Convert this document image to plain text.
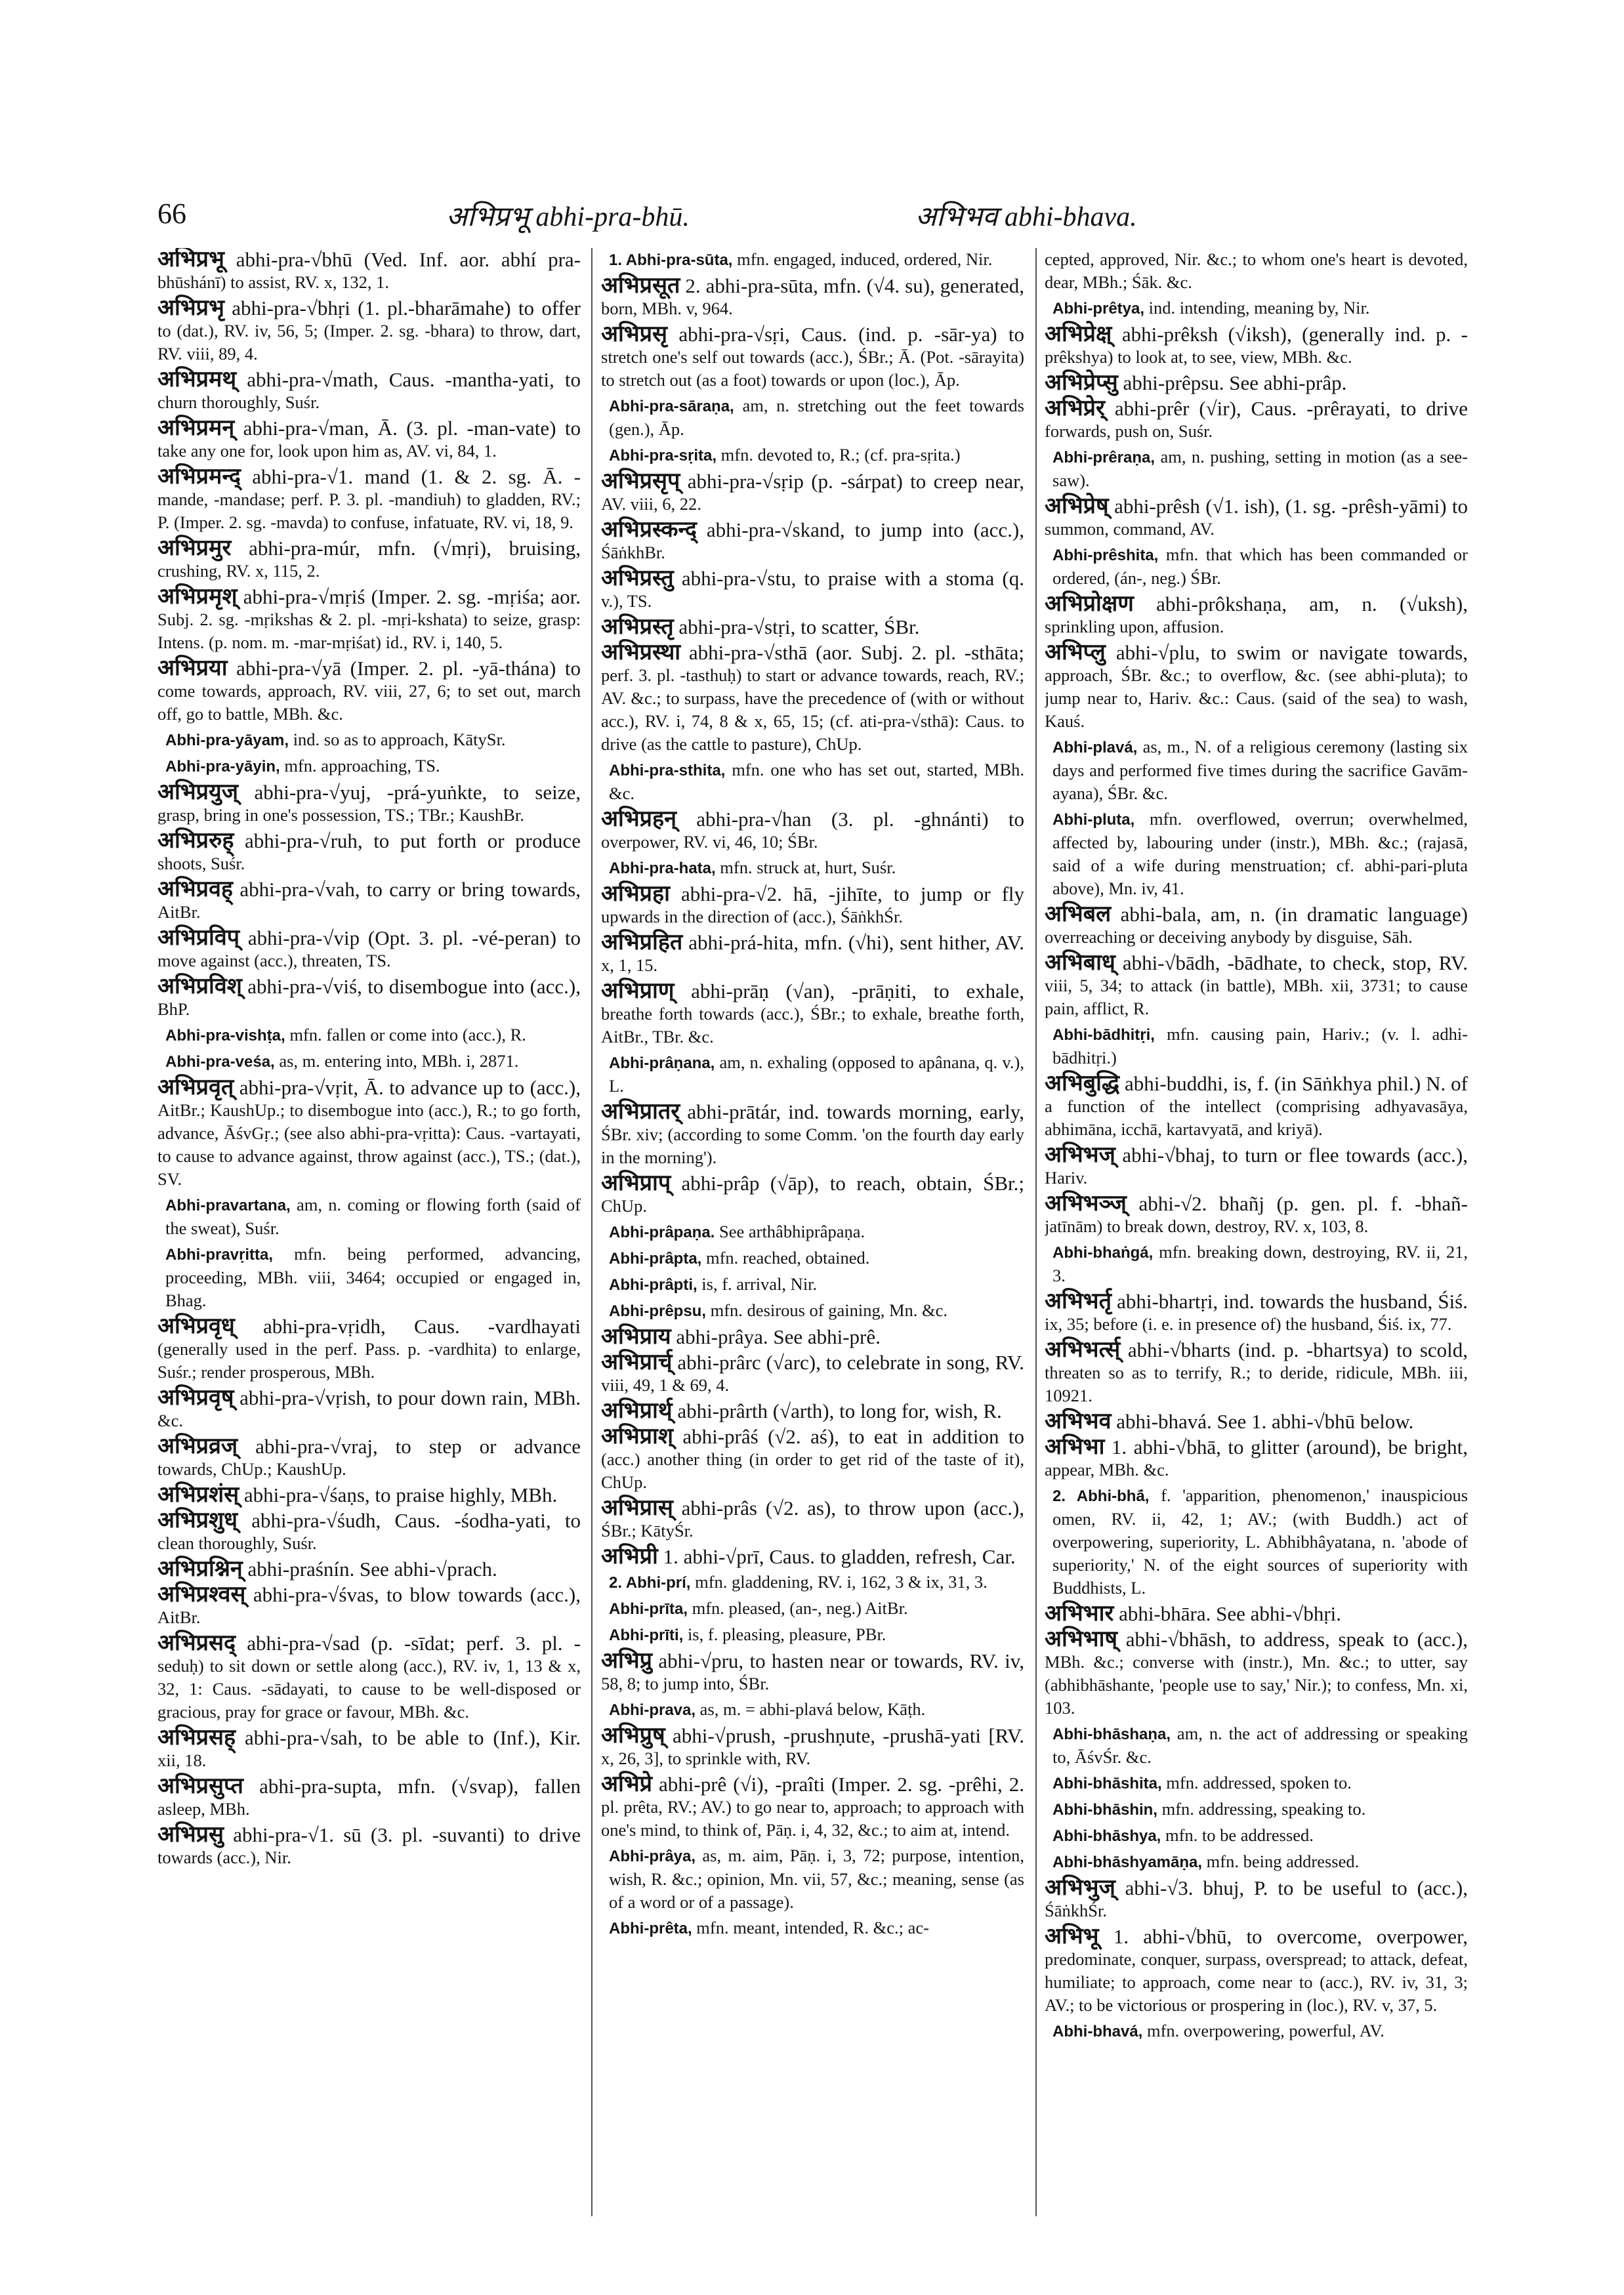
66	अभिप्रभू abhi-pra-bhū.	अभिभव abhi-bhava.

अभिप्रभू abhi-pra-√bhū (Ved. Inf. aor. abhí pra-bhūshánī) to assist, RV. x, 132, 1.

अभिप्रभृ abhi-pra-√bhṛi (1. pl.-bharāmahe) to offer to (dat.), RV. iv, 56, 5; (Imper. 2. sg. -bhara) to throw, dart, RV. viii, 89, 4.

अभिप्रमथ् abhi-pra-√math, Caus. -mantha-yati, to churn thoroughly, Suśr.

अभिप्रमन् abhi-pra-√man, Ā. (3. pl. -man-vate) to take any one for, look upon him as, AV. vi, 84, 1.

अभिप्रमन्द् abhi-pra-√1. mand (1. & 2. sg. Ā. -mande, -mandase; perf. P. 3. pl. -mandiuh) to gladden, RV.; P. (Imper. 2. sg. -mavda) to confuse, infatuate, RV. vi, 18, 9.

अभिप्रमुर abhi-pra-múr, mfn. (√mṛi), bruising, crushing, RV. x, 115, 2.

अभिप्रमृश् abhi-pra-√mṛiś (Imper. 2. sg. -mṛiśa; aor. Subj. 2. sg. -mṛikshas & 2. pl. -mṛi-kshata) to seize, grasp: Intens. (p. nom. m. -mar-mṛiśat) id., RV. i, 140, 5.

अभिप्रया abhi-pra-√yā (Imper. 2. pl. -yā-thána) to come towards, approach, RV. viii, 27, 6; to set out, march off, go to battle, MBh. &c.

Abhi-pra-yāyam, ind. so as to approach, KātySr.

Abhi-pra-yāyin, mfn. approaching, TS.

अभिप्रयुज् abhi-pra-√yuj, -prá-yuṅkte, to seize, grasp, bring in one's possession, TS.; TBr.; KaushBr.

अभिप्ररुह् abhi-pra-√ruh, to put forth or produce shoots, Suśr.

अभिप्रवह् abhi-pra-√vah, to carry or bring towards, AitBr.

अभिप्रविप् abhi-pra-√vip (Opt. 3. pl. -vé-peran) to move against (acc.), threaten, TS.

अभिप्रविश् abhi-pra-√viś, to disembogue into (acc.), BhP.

Abhi-pra-vishṭa, mfn. fallen or come into (acc.), R.

Abhi-pra-veśa, as, m. entering into, MBh. i, 2871.

अभिप्रवृत् abhi-pra-√vṛit, Ā. to advance up to (acc.), AitBr.; KaushUp.; to disembogue into (acc.), R.; to go forth, advance, ĀśvGṛ.; (see also abhi-pra-vṛitta): Caus. -vartayati, to cause to advance against, throw against (acc.), TS.; (dat.), SV.

Abhi-pravartana, am, n. coming or flowing forth (said of the sweat), Suśr.

Abhi-pravṛitta, mfn. being performed, advancing, proceeding, MBh. viii, 3464; occupied or engaged in, Bhag.

अभिप्रवृध् abhi-pra-vṛidh, Caus. -vardhayati (generally used in the perf. Pass. p. -vardhita) to enlarge, Suśr.; render prosperous, MBh.

अभिप्रवृष् abhi-pra-√vṛish, to pour down rain, MBh. &c.

अभिप्रव्रज् abhi-pra-√vraj, to step or advance towards, ChUp.; KaushUp.

अभिप्रशंस् abhi-pra-√śaṇs, to praise highly, MBh.

अभिप्रशुध् abhi-pra-√śudh, Caus. -śodha-yati, to clean thoroughly, Suśr.

अभिप्रश्निन् abhi-praśnín. See abhi-√prach.

अभिप्रश्वस् abhi-pra-√śvas, to blow towards (acc.), AitBr.

अभिप्रसद् abhi-pra-√sad (p. -sīdat; perf. 3. pl. -seduḥ) to sit down or settle along (acc.), RV. iv, 1, 13 & x, 32, 1: Caus. -sādayati, to cause to be well-disposed or gracious, pray for grace or favour, MBh. &c.

अभिप्रसह् abhi-pra-√sah, to be able to (Inf.), Kir. xii, 18.

अभिप्रसुप्त abhi-pra-supta, mfn. (√svap), fallen asleep, MBh.

अभिप्रसु abhi-pra-√1. sū (3. pl. -suvanti) to drive towards (acc.), Nir.

1. Abhi-pra-sūta, mfn. engaged, induced, ordered, Nir.

अभिप्रसूत 2. abhi-pra-sūta, mfn. (√4. su), generated, born, MBh. v, 964.

अभिप्रसृ abhi-pra-√sṛi, Caus. (ind. p. -sār-ya) to stretch one's self out towards (acc.), ŚBr.; Ā. (Pot. -sārayita) to stretch out (as a foot) towards or upon (loc.), Āp.

Abhi-pra-sāraṇa, am, n. stretching out the feet towards (gen.), Āp.

Abhi-pra-sṛita, mfn. devoted to, R.; (cf. pra-sṛita.)

अभिप्रसृप् abhi-pra-√sṛip (p. -sárpat) to creep near, AV. viii, 6, 22.

अभिप्रस्कन्द् abhi-pra-√skand, to jump into (acc.), ŚāṅkhBr.

अभिप्रस्तु abhi-pra-√stu, to praise with a stoma (q. v.), TS.

अभिप्रस्तृ abhi-pra-√stṛi, to scatter, ŚBr.

अभिप्रस्था abhi-pra-√sthā (aor. Subj. 2. pl. -sthāta; perf. 3. pl. -tasthuḥ) to start or advance towards, reach, RV.; AV. &c.; to surpass, have the precedence of (with or without acc.), RV. i, 74, 8 & x, 65, 15; (cf. ati-pra-√sthā): Caus. to drive (as the cattle to pasture), ChUp.

Abhi-pra-sthita, mfn. one who has set out, started, MBh. &c.

अभिप्रहन् abhi-pra-√han (3. pl. -ghnánti) to overpower, RV. vi, 46, 10; ŚBr.

Abhi-pra-hata, mfn. struck at, hurt, Suśr.

अभिप्रहा abhi-pra-√2. hā, -jihīte, to jump or fly upwards in the direction of (acc.), ŚāṅkhŚr.

अभिप्रहित abhi-prá-hita, mfn. (√hi), sent hither, AV. x, 1, 15.

अभिप्राण् abhi-prāṇ (√an), -prāṇiti, to exhale, breathe forth towards (acc.), ŚBr.; to exhale, breathe forth, AitBr., TBr. &c.

Abhi-prâṇana, am, n. exhaling (opposed to apânana, q. v.), L.

अभिप्रातर् abhi-prātár, ind. towards morning, early, ŚBr. xiv; (according to some Comm. 'on the fourth day early in the morning').

अभिप्राप् abhi-prâp (√āp), to reach, obtain, ŚBr.; ChUp.

Abhi-prâpaṇa. See arthâbhiprâpaṇa.

Abhi-prâpta, mfn. reached, obtained.

Abhi-prâpti, is, f. arrival, Nir.

Abhi-prêpsu, mfn. desirous of gaining, Mn. &c.

अभिप्राय abhi-prâya. See abhi-prê.

अभिप्रार्च् abhi-prârc (√arc), to celebrate in song, RV. viii, 49, 1 & 69, 4.

अभिप्रार्थ् abhi-prârth (√arth), to long for, wish, R.

अभिप्राश् abhi-prâś (√2. aś), to eat in addition to (acc.) another thing (in order to get rid of the taste of it), ChUp.

अभिप्रास् abhi-prâs (√2. as), to throw upon (acc.), ŚBr.; KātyŚr.

अभिप्री 1. abhi-√prī, Caus. to gladden, refresh, Car.

2. Abhi-prí, mfn. gladdening, RV. i, 162, 3 & ix, 31, 3.

Abhi-prīta, mfn. pleased, (an-, neg.) AitBr.

Abhi-prīti, is, f. pleasing, pleasure, PBr.

अभिप्रु abhi-√pru, to hasten near or towards, RV. iv, 58, 8; to jump into, ŚBr.

Abhi-prava, as, m. = abhi-plavá below, Kāṭh.

अभिप्रुष् abhi-√prush, -prushṇute, -prushā-yati [RV. x, 26, 3], to sprinkle with, RV.

अभिप्रे abhi-prê (√i), -praîti (Imper. 2. sg. -prêhi, 2. pl. prêta, RV.; AV.) to go near to, approach; to approach with one's mind, to think of, Pāṇ. i, 4, 32, &c.; to aim at, intend.

Abhi-prâya, as, m. aim, Pāṇ. i, 3, 72; purpose, intention, wish, R. &c.; opinion, Mn. vii, 57, &c.; meaning, sense (as of a word or of a passage).

Abhi-prêta, mfn. meant, intended, R. &c.; ac-

cepted, approved, Nir. &c.; to whom one's heart is devoted, dear, MBh.; Śāk. &c.

Abhi-prêtya, ind. intending, meaning by, Nir.

अभिप्रेक्ष् abhi-prêksh (√iksh), (generally ind. p. -prêkshya) to look at, to see, view, MBh. &c.

अभिप्रेप्सु abhi-prêpsu. See abhi-prâp.

अभिप्रेर् abhi-prêr (√ir), Caus. -prêrayati, to drive forwards, push on, Suśr.

Abhi-prêraṇa, am, n. pushing, setting in motion (as a see-saw).

अभिप्रेष् abhi-prêsh (√1. ish), (1. sg. -prêsh-yāmi) to summon, command, AV.

Abhi-prêshita, mfn. that which has been commanded or ordered, (án-, neg.) ŚBr.

अभिप्रोक्षण abhi-prôkshaṇa, am, n. (√uksh), sprinkling upon, affusion.

अभिप्लु abhi-√plu, to swim or navigate towards, approach, ŚBr. &c.; to overflow, &c. (see abhi-pluta); to jump near to, Hariv. &c.: Caus. (said of the sea) to wash, Kauś.

Abhi-plavá, as, m., N. of a religious ceremony (lasting six days and performed five times during the sacrifice Gavām-ayana), ŚBr. &c.

Abhi-pluta, mfn. overflowed, overrun; overwhelmed, affected by, labouring under (instr.), MBh. &c.; (rajasā, said of a wife during menstruation; cf. abhi-pari-pluta above), Mn. iv, 41.

अभिबल abhi-bala, am, n. (in dramatic language) overreaching or deceiving anybody by disguise, Sāh.

अभिबाध् abhi-√bādh, -bādhate, to check, stop, RV. viii, 5, 34; to attack (in battle), MBh. xii, 3731; to cause pain, afflict, R.

Abhi-bādhitṛi, mfn. causing pain, Hariv.; (v. l. adhi-bādhitṛi.)

अभिबुद्धि abhi-buddhi, is, f. (in Sāṅkhya phil.) N. of a function of the intellect (comprising adhyavasāya, abhimāna, icchā, kartavyatā, and kriyā).

अभिभज् abhi-√bhaj, to turn or flee towards (acc.), Hariv.

अभिभञ्ज् abhi-√2. bhañj (p. gen. pl. f. -bhañ-jatīnām) to break down, destroy, RV. x, 103, 8.

Abhi-bhaṅgá, mfn. breaking down, destroying, RV. ii, 21, 3.

अभिभर्तृ abhi-bhartṛi, ind. towards the husband, Śiś. ix, 35; before (i. e. in presence of) the husband, Śiś. ix, 77.

अभिभर्त्स् abhi-√bharts (ind. p. -bhartsya) to scold, threaten so as to terrify, R.; to deride, ridicule, MBh. iii, 10921.

अभिभव abhi-bhavá. See 1. abhi-√bhū below.

अभिभा 1. abhi-√bhā, to glitter (around), be bright, appear, MBh. &c.

2. Abhi-bhā́, f. 'apparition, phenomenon,' inauspicious omen, RV. ii, 42, 1; AV.; (with Buddh.) act of overpowering, superiority, L. Abhibhâyatana, n. 'abode of superiority,' N. of the eight sources of superiority with Buddhists, L.

अभिभार abhi-bhāra. See abhi-√bhṛi.

अभिभाष् abhi-√bhāsh, to address, speak to (acc.), MBh. &c.; converse with (instr.), Mn. &c.; to utter, say (abhibhāshante, 'people use to say,' Nir.); to confess, Mn. xi, 103.

Abhi-bhāshaṇa, am, n. the act of addressing or speaking to, ĀśvŚr. &c.

Abhi-bhāshita, mfn. addressed, spoken to.

Abhi-bhāshin, mfn. addressing, speaking to.

Abhi-bhāshya, mfn. to be addressed.

Abhi-bhāshyamāṇa, mfn. being addressed.

अभिभुज् abhi-√3. bhuj, P. to be useful to (acc.), ŚāṅkhŚr.

अभिभू 1. abhi-√bhū, to overcome, overpower, predominate, conquer, surpass, overspread; to attack, defeat, humiliate; to approach, come near to (acc.), RV. iv, 31, 3; AV.; to be victorious or prospering in (loc.), RV. v, 37, 5.

Abhi-bhavá, mfn. overpowering, powerful, AV.
